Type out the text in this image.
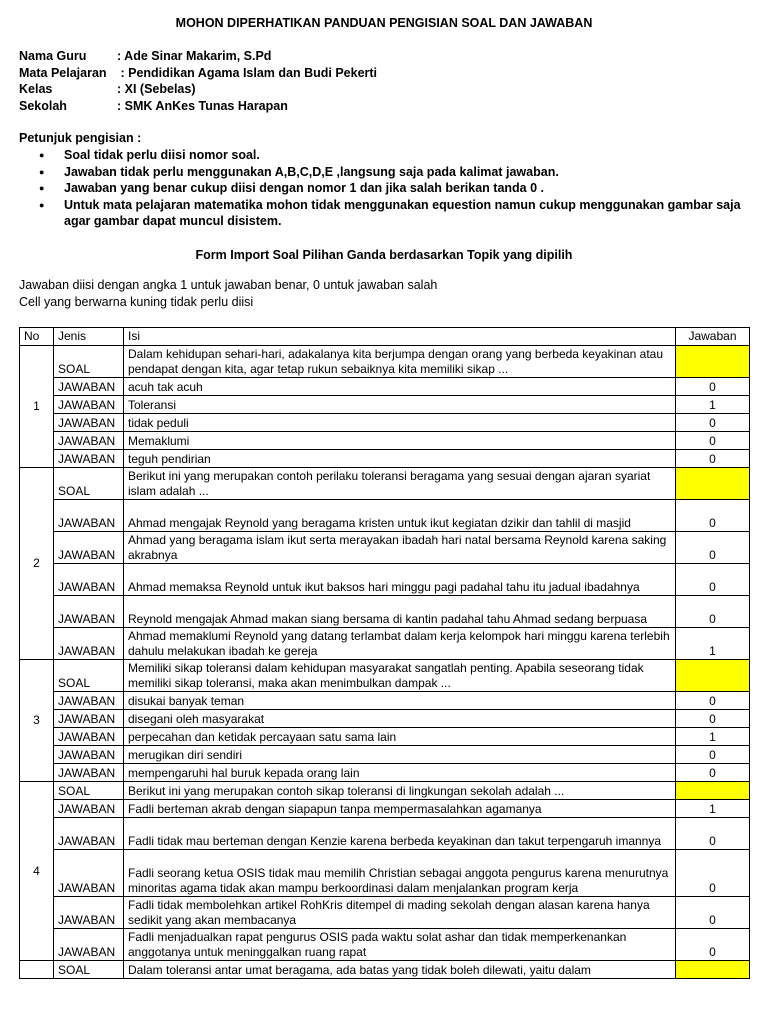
MOHON DIPERHATIKAN PANDUAN PENGISIAN SOAL DAN JAWABAN
Nama Guru : Ade Sinar Makarim, S.Pd
Mata Pelajaran : Pendidikan Agama Islam dan Budi Pekerti
Kelas	: XI (Sebelas)
Sekolah	: SMK AnKes Tunas Harapan
Petunjuk pengisian :
● Soal tidak perlu diisi nomor soal.
● Jawaban tidak perlu menggunakan A,B,C,D,E ,langsung saja pada kalimat jawaban.
● Jawaban yang benar cukup diisi dengan nomor 1 dan jika salah berikan tanda 0 .
● Untuk mata pelajaran matematika mohon tidak menggunakan equestion namun cukup menggunakan gambar saja agar gambar dapat muncul disistem.
Form Import Soal Pilihan Ganda berdasarkan Topik yang dipilih
Jawaban diisi dengan angka 1 untuk jawaban benar, 0 untuk jawaban salah
Cell yang berwarna kuning tidak perlu diisi
No	Jenis	Isi	Jawaban
1	SOAL	Dalam kehidupan sehari-hari, adakalanya kita berjumpa dengan orang yang berbeda keyakinan atau pendapat dengan kita, agar tetap rukun sebaiknya kita memiliki sikap ...	
	JAWABAN	acuh tak acuh	0
	JAWABAN	Toleransi	1
	JAWABAN	tidak peduli	0
	JAWABAN	Memaklumi	0
	JAWABAN	teguh pendirian	0
2	SOAL	Berikut ini yang merupakan contoh perilaku toleransi beragama yang sesuai dengan ajaran syariat islam adalah ...	
	JAWABAN	Ahmad mengajak Reynold yang beragama kristen untuk ikut kegiatan dzikir dan tahlil di masjid	0
	JAWABAN	Ahmad yang beragama islam ikut serta merayakan ibadah hari natal bersama Reynold karena saking akrabnya	0
	JAWABAN	Ahmad memaksa Reynold untuk ikut baksos hari minggu pagi padahal tahu itu jadual ibadahnya	0
	JAWABAN	Reynold mengajak Ahmad makan siang bersama di kantin padahal tahu Ahmad sedang berpuasa	0
	JAWABAN	Ahmad memaklumi Reynold yang datang terlambat dalam kerja kelompok hari minggu karena terlebih dahulu melakukan ibadah ke gereja	1
3	SOAL	Memiliki sikap toleransi dalam kehidupan masyarakat sangatlah penting. Apabila seseorang tidak memiliki sikap toleransi, maka akan menimbulkan dampak ...	
	JAWABAN	disukai banyak teman	0
	JAWABAN	disegani oleh masyarakat	0
	JAWABAN	perpecahan dan ketidak percayaan satu sama lain	1
	JAWABAN	merugikan diri sendiri	0
	JAWABAN	mempengaruhi hal buruk kepada orang lain	0
4	SOAL	Berikut ini yang merupakan contoh sikap toleransi di lingkungan sekolah adalah ...	
	JAWABAN	Fadli berteman akrab dengan siapapun tanpa mempermasalahkan agamanya	1
	JAWABAN	Fadli tidak mau berteman dengan Kenzie karena berbeda keyakinan dan takut terpengaruh imannya	0
	JAWABAN	Fadli seorang ketua OSIS tidak mau memilih Christian sebagai anggota pengurus karena menurutnya minoritas agama tidak akan mampu berkoordinasi dalam menjalankan program kerja	0
	JAWABAN	Fadli tidak membolehkan artikel RohKris ditempel di mading sekolah dengan alasan karena hanya sedikit yang akan membacanya	0
	JAWABAN	Fadli menjadualkan rapat pengurus OSIS pada waktu solat ashar dan tidak memperkenankan anggotanya untuk meninggalkan ruang rapat	0
	SOAL	Dalam toleransi antar umat beragama, ada batas yang tidak boleh dilewati, yaitu dalam	
